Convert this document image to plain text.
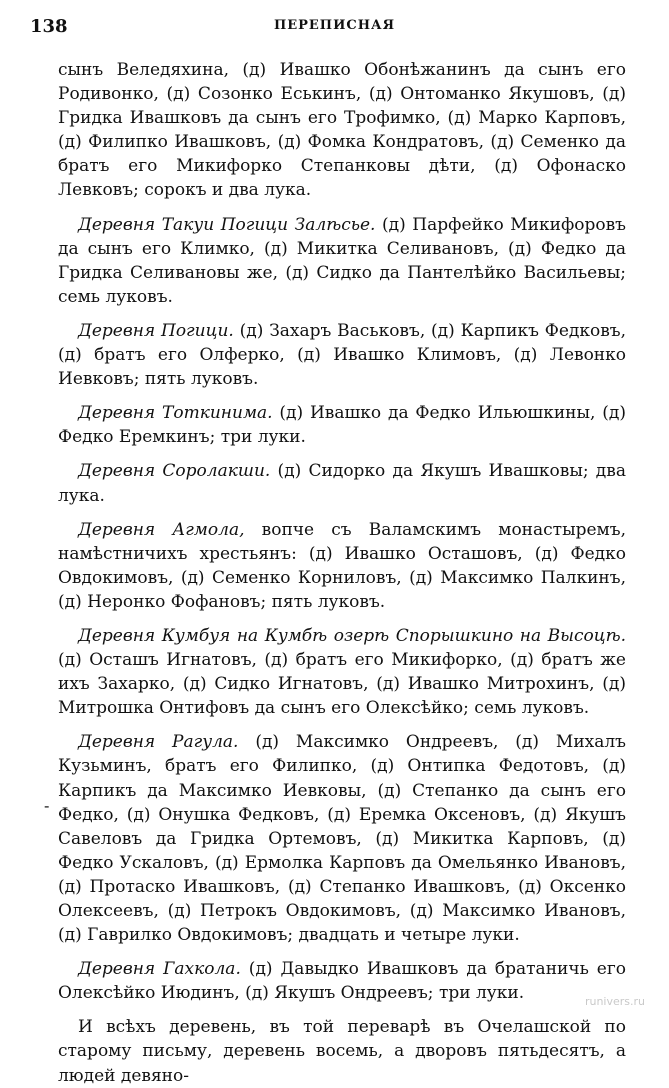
138	ПЕРЕПИСНАЯ
-

сынъ Веледяхина, (д) Ивашко Обонѣжанинъ да сынъ его Родивонко, (д) Созонко Еськинъ, (д) Онтоманко Якушовъ, (д) Гридка Ивашковъ да сынъ его Трофимко, (д) Марко Карповъ, (д) Филипко Ивашковъ, (д) Фомка Кондратовъ, (д) Семенко да братъ его Микифорко Степанковы дѣти, (д) Офонаско Левковъ; сорокъ и два лука.

Деревня Такуи Погици Залѣсье. (д) Парфейко Микифоровъ да сынъ его Климко, (д) Микитка Селивановъ, (д) Федко да Гридка Селивановы же, (д) Сидко да Пантелѣйко Васильевы; семь луковъ.

Деревня Погици. (д) Захаръ Васьковъ, (д) Карпикъ Федковъ, (д) братъ его Олферко, (д) Ивашко Климовъ, (д) Левонко Иевковъ; пять луковъ.

Деревня Тоткинима. (д) Ивашко да Федко Ильюшкины, (д) Федко Еремкинъ; три луки.

Деревня Соролакши. (д) Сидорко да Якушъ Ивашковы; два лука.

Деревня Агмола, вопче съ Валамскимъ монастыремъ, намѣстничихъ хрестьянъ: (д) Ивашко Осташовъ, (д) Федко Овдокимовъ, (д) Семенко Корниловъ, (д) Максимко Палкинъ, (д) Неронко Фофановъ; пять луковъ.

Деревня Кумбуя на Кумбѣ озерѣ Спорышкино на Высоцѣ. (д) Осташъ Игнатовъ, (д) братъ его Микифорко, (д) братъ же ихъ Захарко, (д) Сидко Игнатовъ, (д) Ивашко Митрохинъ, (д) Митрошка Онтифовъ да сынъ его Олексѣйко; семь луковъ.

Деревня Рагула. (д) Максимко Ондреевъ, (д) Михалъ Кузьминъ, братъ его Филипко, (д) Онтипка Федотовъ, (д) Карпикъ да Максимко Иевковы, (д) Степанко да сынъ его Федко, (д) Онушка Федковъ, (д) Еремка Оксеновъ, (д) Якушъ Савеловъ да Гридка Ортемовъ, (д) Микитка Карповъ, (д) Федко Ускаловъ, (д) Ермолка Карповъ да Омельянко Ивановъ, (д) Протаско Ивашковъ, (д) Степанко Ивашковъ, (д) Оксенко Олексеевъ, (д) Петрокъ Овдокимовъ, (д) Максимко Ивановъ, (д) Гаврилко Овдокимовъ; двадцать и четыре луки.

Деревня Гахкола. (д) Давыдко Ивашковъ да братаничь его Олексѣйко Июдинъ, (д) Якушъ Ондреевъ; три луки.

И всѣхъ деревень, въ той переварѣ въ Очелашской по старому письму, деревень восемь, а дворовъ пятьдесятъ, а людей девяно-

runivers.ru
